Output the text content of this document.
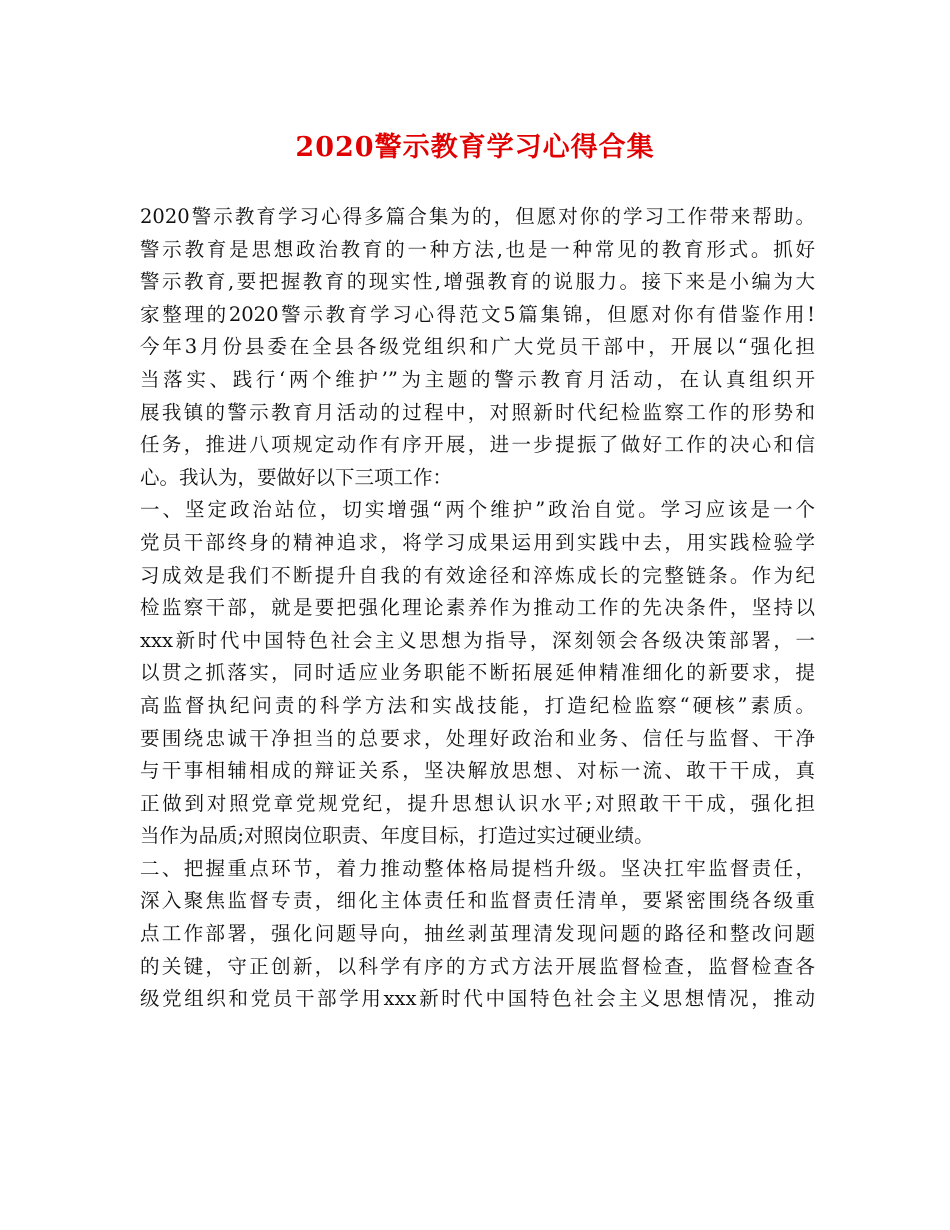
2020警示教育学习心得合集
2020警示教育学习心得多篇合集为的，但愿对你的学习工作带来帮助。
警示教育是思想政治教育的一种方法,也是一种常见的教育形式。抓好
警示教育,要把握教育的现实性,增强教育的说服力。接下来是小编为大
家整理的2020警示教育学习心得范文5篇集锦，但愿对你有借鉴作用!
今年3月份县委在全县各级党组织和广大党员干部中，开展以“强化担
当落实、践行‘两个维护’”为主题的警示教育月活动，在认真组织开
展我镇的警示教育月活动的过程中，对照新时代纪检监察工作的形势和
任务，推进八项规定动作有序开展，进一步提振了做好工作的决心和信
心。我认为，要做好以下三项工作：
一、坚定政治站位，切实增强“两个维护”政治自觉。学习应该是一个
党员干部终身的精神追求，将学习成果运用到实践中去，用实践检验学
习成效是我们不断提升自我的有效途径和淬炼成长的完整链条。作为纪
检监察干部，就是要把强化理论素养作为推动工作的先决条件，坚持以
xxx新时代中国特色社会主义思想为指导，深刻领会各级决策部署，一
以贯之抓落实，同时适应业务职能不断拓展延伸精准细化的新要求，提
高监督执纪问责的科学方法和实战技能，打造纪检监察“硬核”素质。
要围绕忠诚干净担当的总要求，处理好政治和业务、信任与监督、干净
与干事相辅相成的辩证关系，坚决解放思想、对标一流、敢干干成，真
正做到对照党章党规党纪，提升思想认识水平;对照敢干干成，强化担
当作为品质;对照岗位职责、年度目标，打造过实过硬业绩。
二、把握重点环节，着力推动整体格局提档升级。坚决扛牢监督责任，
深入聚焦监督专责，细化主体责任和监督责任清单，要紧密围绕各级重
点工作部署，强化问题导向，抽丝剥茧理清发现问题的路径和整改问题
的关键，守正创新，以科学有序的方式方法开展监督检查，监督检查各
级党组织和党员干部学用xxx新时代中国特色社会主义思想情况，推动
